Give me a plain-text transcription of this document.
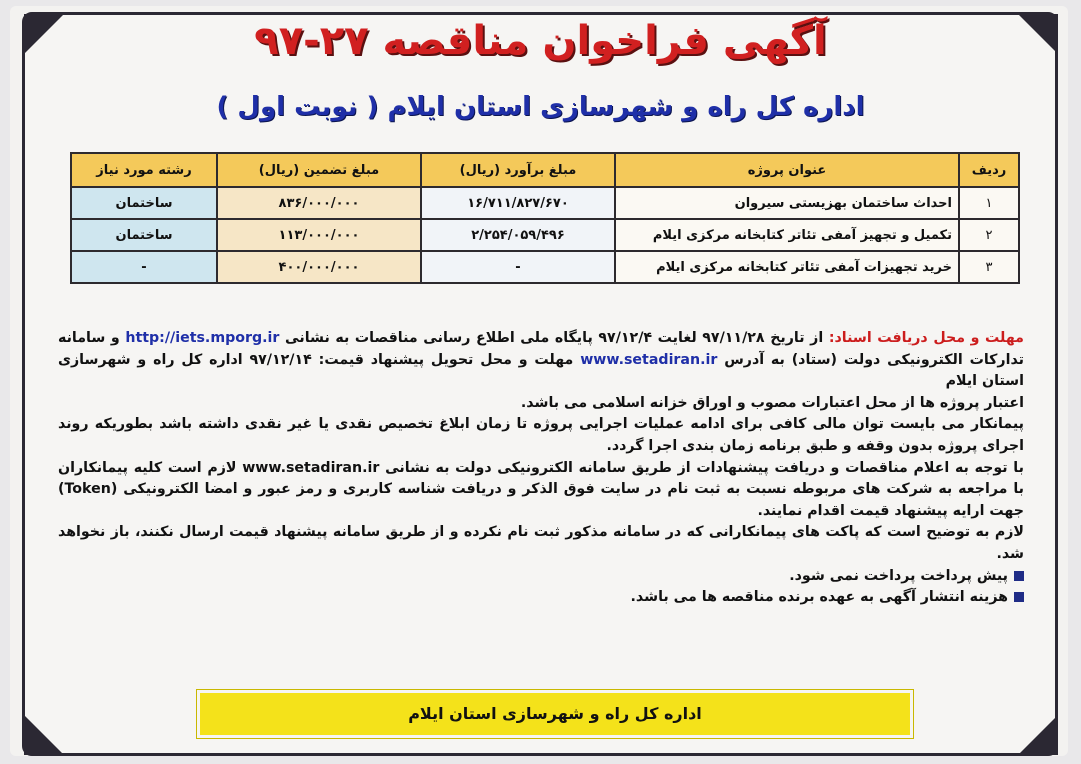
آگهی فراخوان مناقصه ۲۷-۹۷
اداره کل راه و شهرسازی استان ایلام ( نوبت اول )
ردیف	عنوان پروژه	مبلغ برآورد (ریال)	مبلغ تضمین (ریال)	رشته مورد نیاز
۱	احداث ساختمان بهزیستی سیروان	۱۶/۷۱۱/۸۲۷/۶۷۰	۸۳۶/۰۰۰/۰۰۰	ساختمان
۲	تکمیل و تجهیز آمفی تئاتر کتابخانه مرکزی ایلام	۲/۲۵۴/۰۵۹/۴۹۶	۱۱۳/۰۰۰/۰۰۰	ساختمان
۳	خرید تجهیزات آمفی تئاتر کتابخانه مرکزی ایلام	-	۴۰۰/۰۰۰/۰۰۰	-

مهلت و محل دریافت اسناد: از تاریخ ۹۷/۱۱/۲۸ لغایت ۹۷/۱۲/۴ پایگاه ملی اطلاع رسانی مناقصات به نشانی http://iets.mporg.ir و سامانه تدارکات الکترونیکی دولت (ستاد) به آدرس www.setadiran.ir مهلت و محل تحویل پیشنهاد قیمت: ۹۷/۱۲/۱۴ اداره کل راه و شهرسازی استان ایلام

اعتبار پروژه ها از محل اعتبارات مصوب و اوراق خزانه اسلامی می باشد.

پیمانکار می بایست توان مالی کافی برای ادامه عملیات اجرایی پروژه تا زمان ابلاغ تخصیص نقدی یا غیر نقدی داشته باشد بطوریکه روند اجرای پروژه بدون وقفه و طبق برنامه زمان بندی اجرا گردد.

با توجه به اعلام مناقصات و دریافت پیشنهادات از طریق سامانه الکترونیکی دولت به نشانی www.setadiran.ir لازم است کلیه پیمانکاران با مراجعه به شرکت های مربوطه نسبت به ثبت نام در سایت فوق الذکر و دریافت شناسه کاربری و رمز عبور و امضا الکترونیکی (Token) جهت ارایه پیشنهاد قیمت اقدام نمایند.

لازم به توضیح است که پاکت های پیمانکارانی که در سامانه مذکور ثبت نام نکرده و از طریق سامانه پیشنهاد قیمت ارسال نکنند، باز نخواهد شد.

پیش پرداخت پرداخت نمی شود.

هزینه انتشار آگهی به عهده برنده مناقصه ها می باشد.

اداره کل راه و شهرسازی استان ایلام
